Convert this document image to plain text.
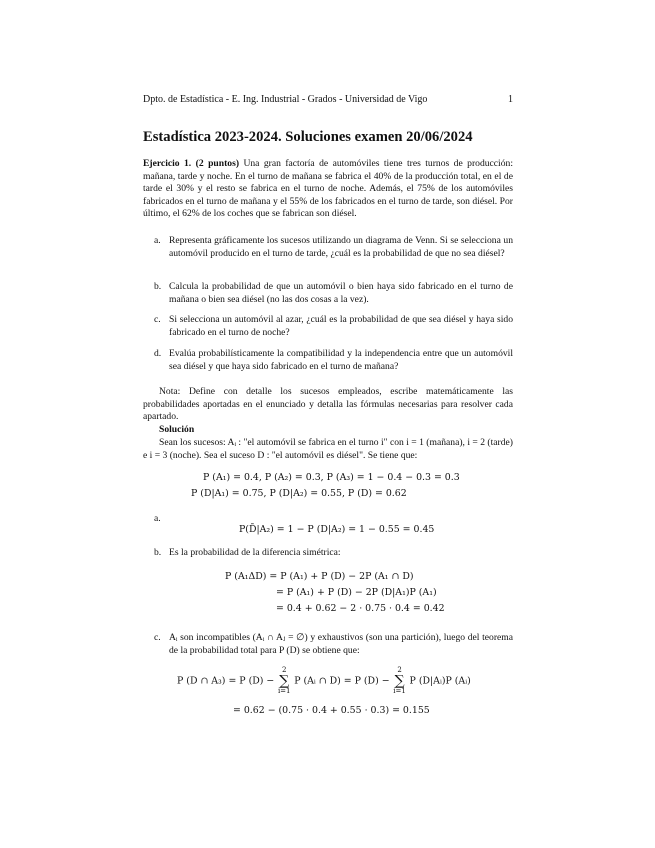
Dpto. de Estadística - E. Ing. Industrial - Grados - Universidad de Vigo	1
Estadística 2023-2024. Soluciones examen 20/06/2024
Ejercicio 1. (2 puntos) Una gran factoría de automóviles tiene tres turnos de producción: mañana, tarde y noche. En el turno de mañana se fabrica el 40% de la producción total, en el de tarde el 30% y el resto se fabrica en el turno de noche. Además, el 75% de los automóviles fabricados en el turno de mañana y el 55% de los fabricados en el turno de tarde, son diésel. Por último, el 62% de los coches que se fabrican son diésel.
a. Representa gráficamente los sucesos utilizando un diagrama de Venn. Si se selecciona un automóvil producido en el turno de tarde, ¿cuál es la probabilidad de que no sea diésel?
b. Calcula la probabilidad de que un automóvil o bien haya sido fabricado en el turno de mañana o bien sea diésel (no las dos cosas a la vez).
c. Si selecciona un automóvil al azar, ¿cuál es la probabilidad de que sea diésel y haya sido fabricado en el turno de noche?
d. Evalúa probabilísticamente la compatibilidad y la independencia entre que un automóvil sea diésel y que haya sido fabricado en el turno de mañana?
Nota: Define con detalle los sucesos empleados, escribe matemáticamente las probabilidades aportadas en el enunciado y detalla las fórmulas necesarias para resolver cada apartado.
Solución
Sean los sucesos: Aᵢ : "el automóvil se fabrica en el turno i" con i = 1 (mañana), i = 2 (tarde) e i = 3 (noche). Sea el suceso D : "el automóvil es diésel". Se tiene que:
P (A₁) = 0.4, P (A₂) = 0.3, P (A₃) = 1 − 0.4 − 0.3 = 0.3
P (D|A₁) = 0.75, P (D|A₂) = 0.55, P (D) = 0.62
a.
P(D̄|A₂) = 1 − P (D|A₂) = 1 − 0.55 = 0.45
b. Es la probabilidad de la diferencia simétrica:
P (A₁ΔD) = P (A₁) + P (D) − 2P (A₁ ∩ D)
= P (A₁) + P (D) − 2P (D|A₁)P (A₁)
= 0.4 + 0.62 − 2 · 0.75 · 0.4 = 0.42
c. Aᵢ son incompatibles (Aᵢ ∩ Aⱼ = ∅) y exhaustivos (son una partición), luego del teorema de la probabilidad total para P (D) se obtiene que:
P (D ∩ A₃) = P (D) −
2
∑
i=1
P (Aᵢ ∩ D) = P (D) −
2
∑
i=1
P (D|Aᵢ)P (Aᵢ)
= 0.62 − (0.75 · 0.4 + 0.55 · 0.3) = 0.155
